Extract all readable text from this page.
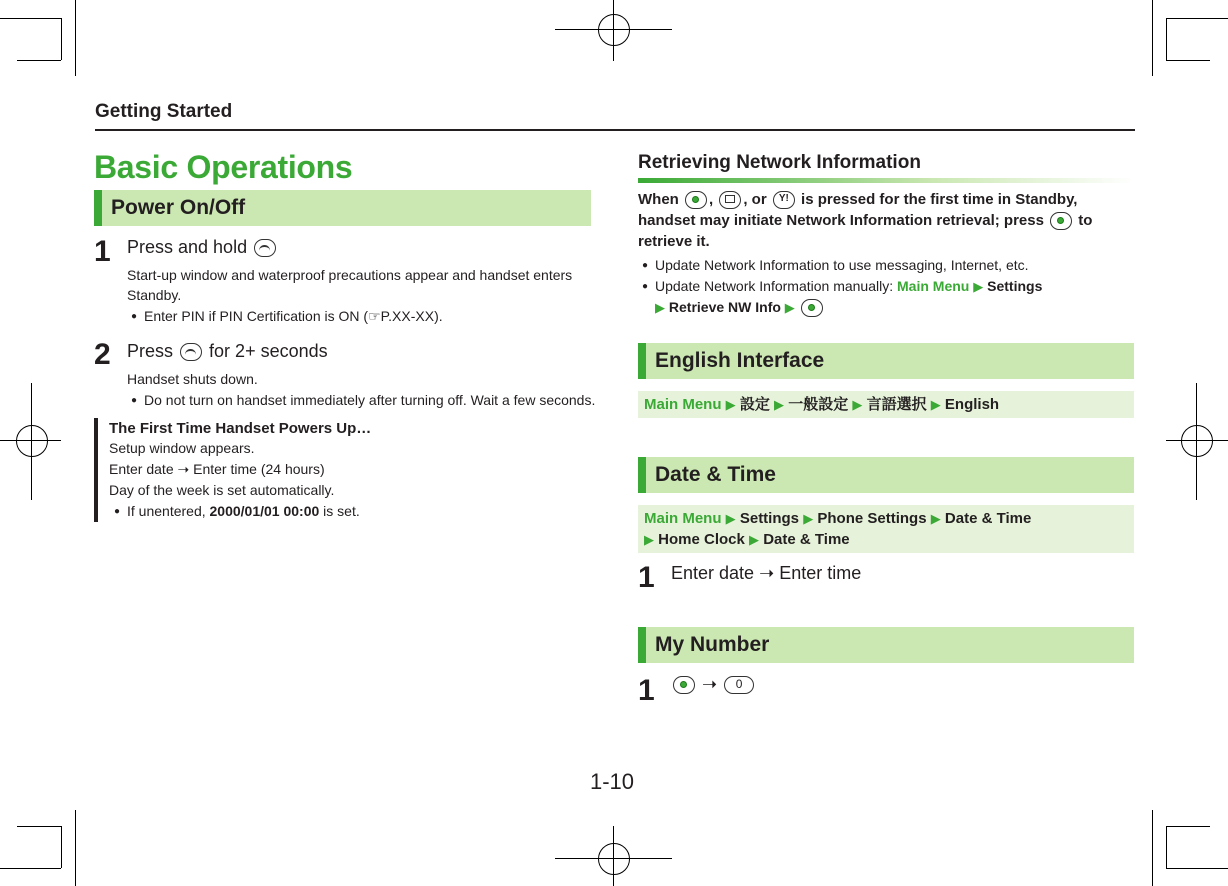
Getting Started
Basic Operations
Power On/Off
1 Press and hold
Start-up window and waterproof precautions appear and handset enters Standby.
● Enter PIN if PIN Certification is ON (☞P.XX-XX).
2 Press for 2+ seconds
Handset shuts down.
● Do not turn on handset immediately after turning off. Wait a few seconds.
The First Time Handset Powers Up…
Setup window appears.
Enter date ➝ Enter time (24 hours)
Day of the week is set automatically.
● If unentered, 2000/01/01 00:00 is set.
Retrieving Network Information
When , , or	Y! is pressed for the first time in Standby, handset may initiate Network Information retrieval; press to retrieve it.
● Update Network Information to use messaging, Internet, etc.
● Update Network Information manually: Main Menu ▶ Settings
▶ Retrieve NW Info ▶
English Interface
Main Menu ▶ 設定 ▶ 一般設定 ▶ 言語選択 ▶ English
Date & Time
Main Menu ▶ Settings ▶ Phone Settings ▶ Date & Time
▶ Home Clock ▶ Date & Time
1 Enter date ➝ Enter time
My Number
1	➝	0
1-10
